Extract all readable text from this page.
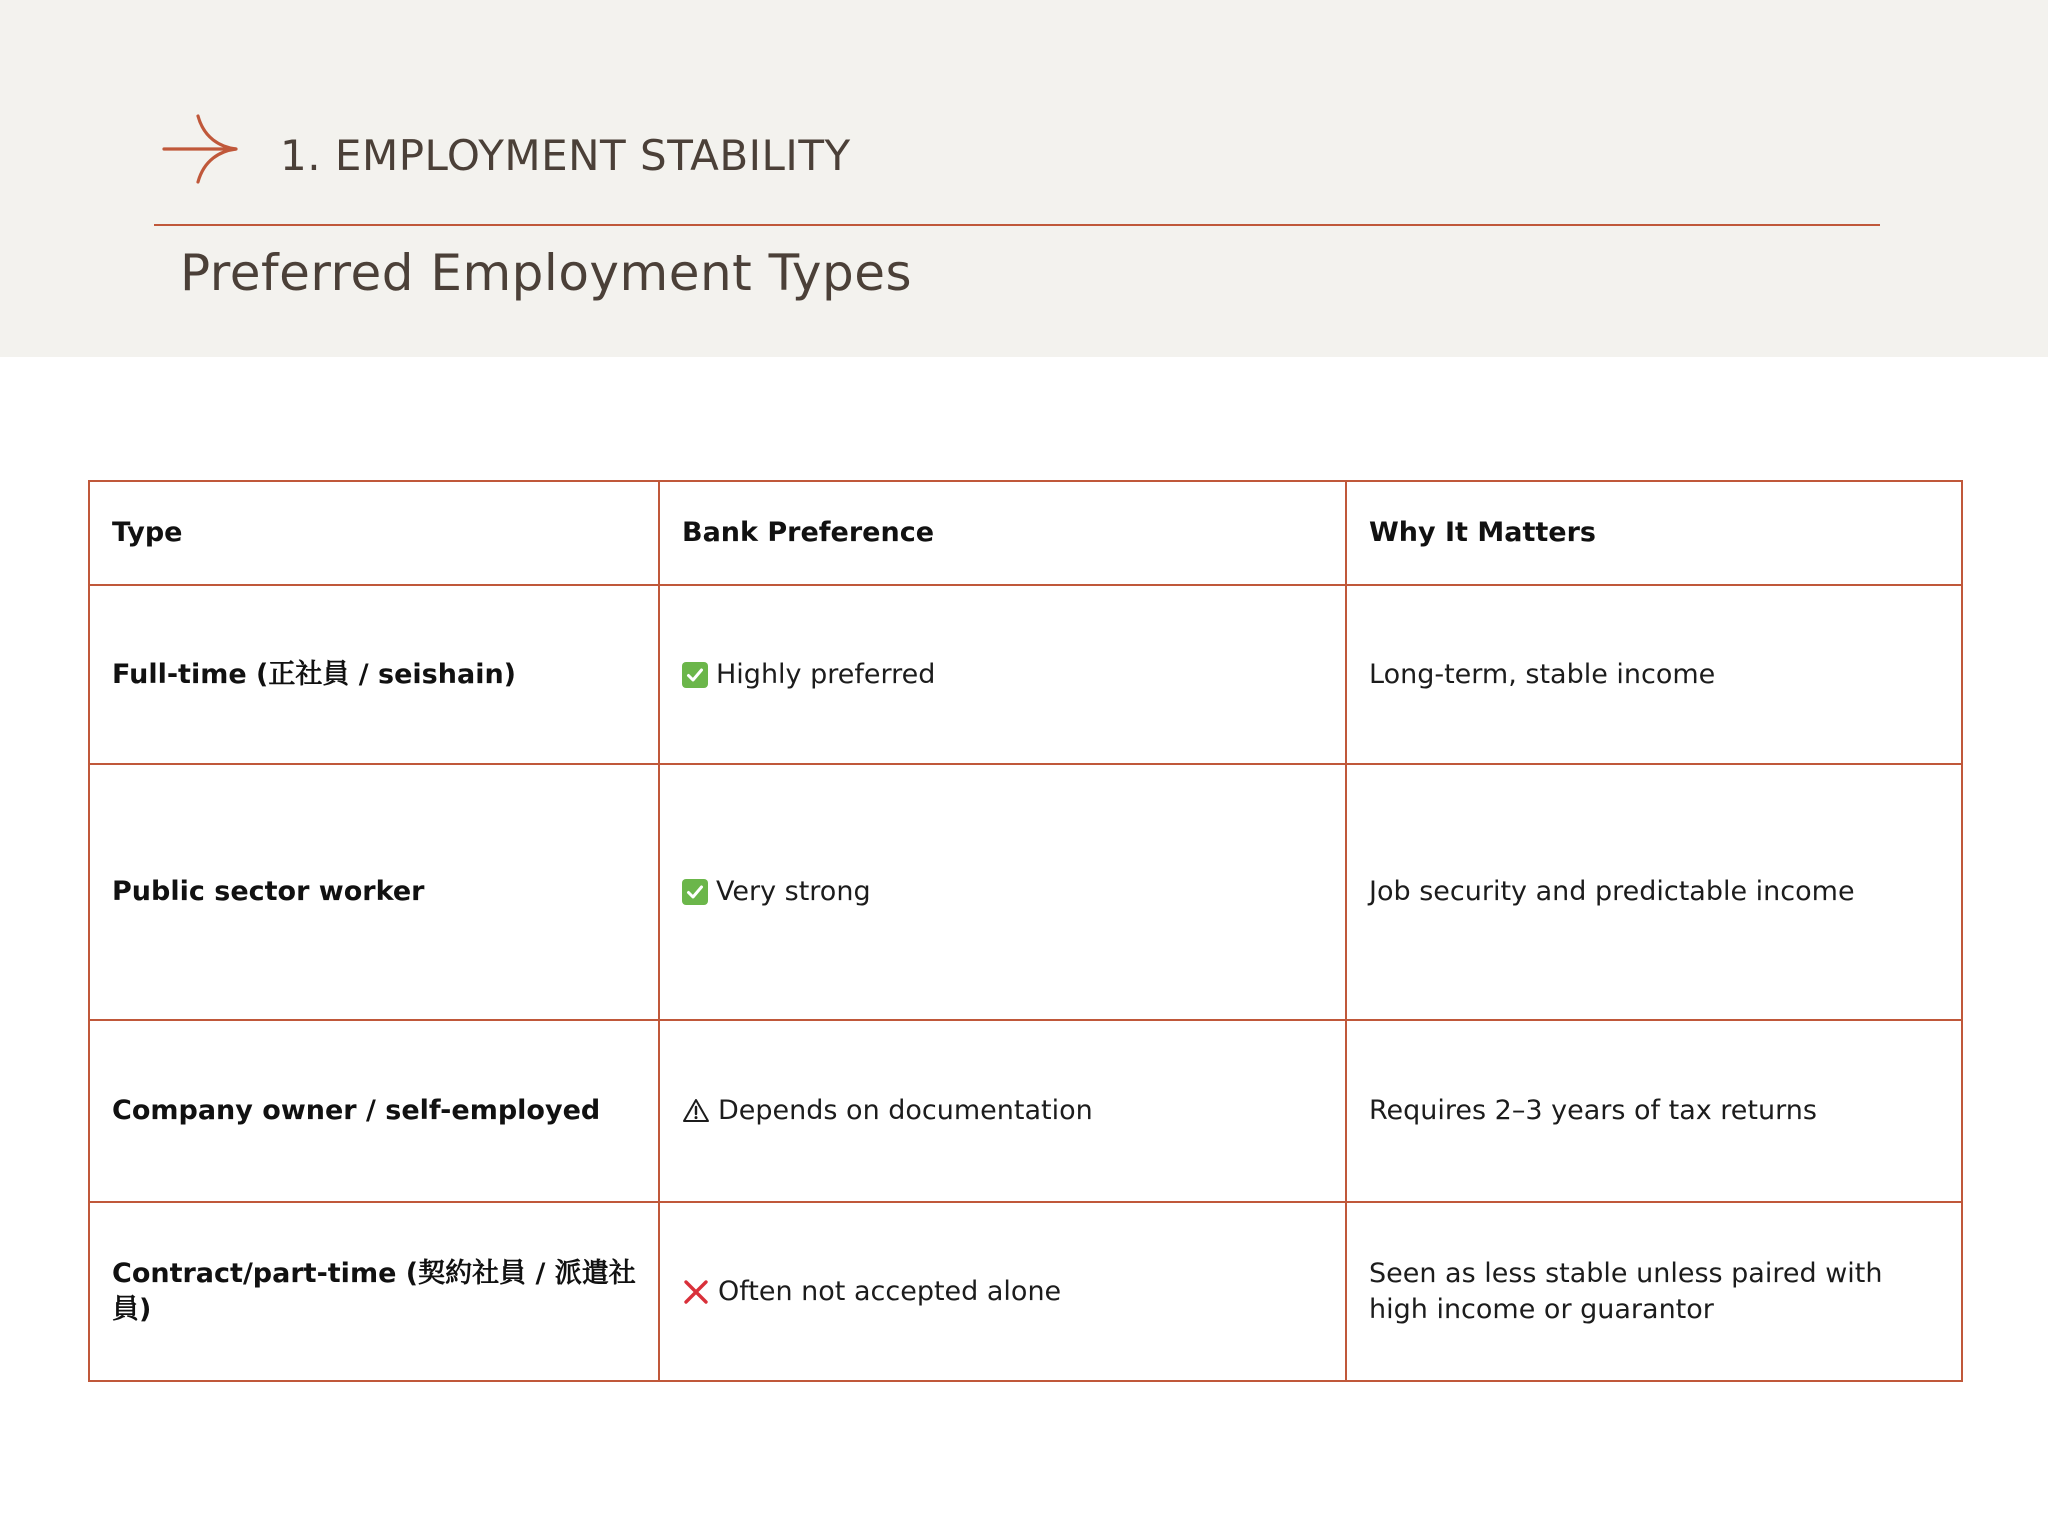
1. EMPLOYMENT STABILITY
Preferred Employment Types
Type	Bank Preference	Why It Matters
Full-time (正社員 / seishain)	Highly preferred	Long-term, stable income
Public sector worker	Very strong	Job security and predictable income
Company owner / self-employed	Depends on documentation	Requires 2–3 years of tax returns
Contract/part-time (契約社員 / 派遣社員)	Often not accepted alone	Seen as less stable unless paired with high income or guarantor
